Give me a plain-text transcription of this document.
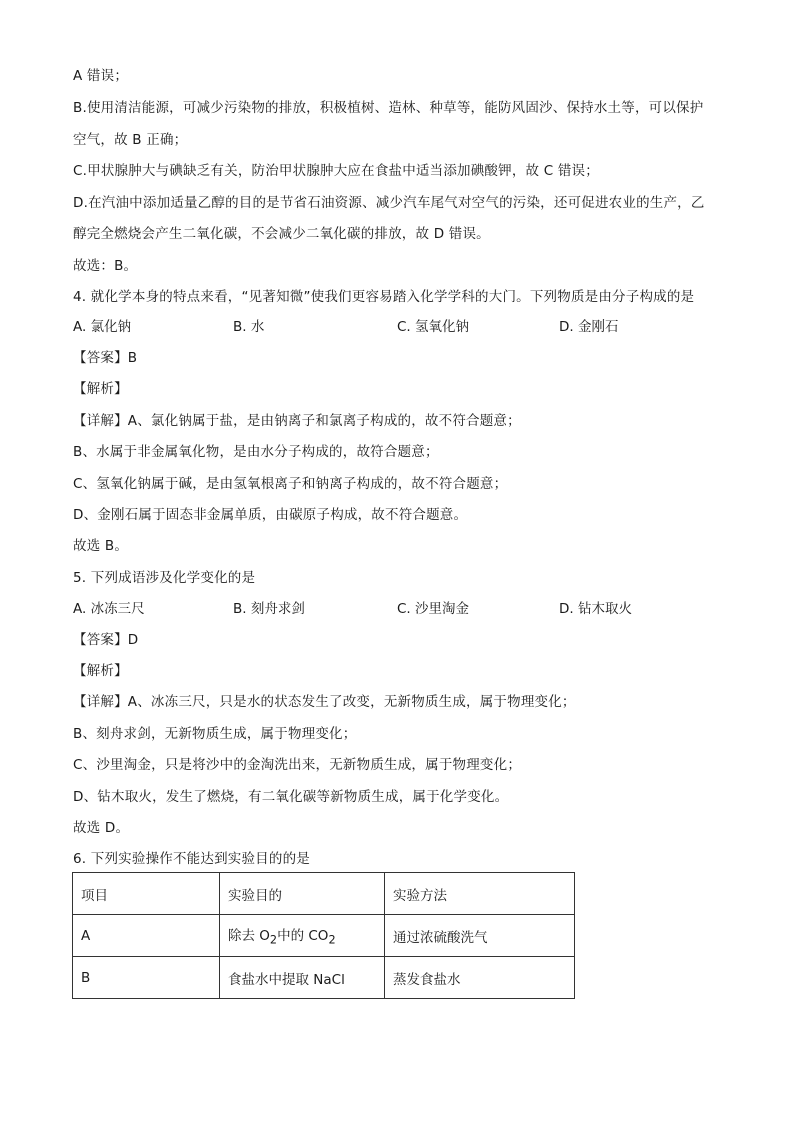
A 错误；
B.使用清洁能源，可减少污染物的排放，积极植树、造林、种草等，能防风固沙、保持水土等，可以保护
空气，故 B 正确；
C.甲状腺肿大与碘缺乏有关，防治甲状腺肿大应在食盐中适当添加碘酸钾，故 C 错误；
D.在汽油中添加适量乙醇的目的是节省石油资源、减少汽车尾气对空气的污染，还可促进农业的生产，乙
醇完全燃烧会产生二氧化碳，不会减少二氧化碳的排放，故 D 错误。
故选：B。
4. 就化学本身的特点来看，“见著知微”使我们更容易踏入化学学科的大门。下列物质是由分子构成的是
A. 氯化钠	B. 水	C. 氢氧化钠	D. 金刚石
【答案】B
【解析】
【详解】A、氯化钠属于盐，是由钠离子和氯离子构成的，故不符合题意；
B、水属于非金属氧化物，是由水分子构成的，故符合题意；
C、氢氧化钠属于碱，是由氢氧根离子和钠离子构成的，故不符合题意；
D、金刚石属于固态非金属单质，由碳原子构成，故不符合题意。
故选 B。
5. 下列成语涉及化学变化的是
A. 冰冻三尺	B. 刻舟求剑	C. 沙里淘金	D. 钻木取火
【答案】D
【解析】
【详解】A、冰冻三尺，只是水的状态发生了改变，无新物质生成，属于物理变化；
B、刻舟求剑，无新物质生成，属于物理变化；
C、沙里淘金，只是将沙中的金淘洗出来，无新物质生成，属于物理变化；
D、钻木取火，发生了燃烧，有二氧化碳等新物质生成，属于化学变化。
故选 D。
6. 下列实验操作不能达到实验目的的是
项目	实验目的	实验方法
A	除去 $O_2$中的 $CO_2$	通过浓硫酸洗气
B	食盐水中提取 NaCl	蒸发食盐水
